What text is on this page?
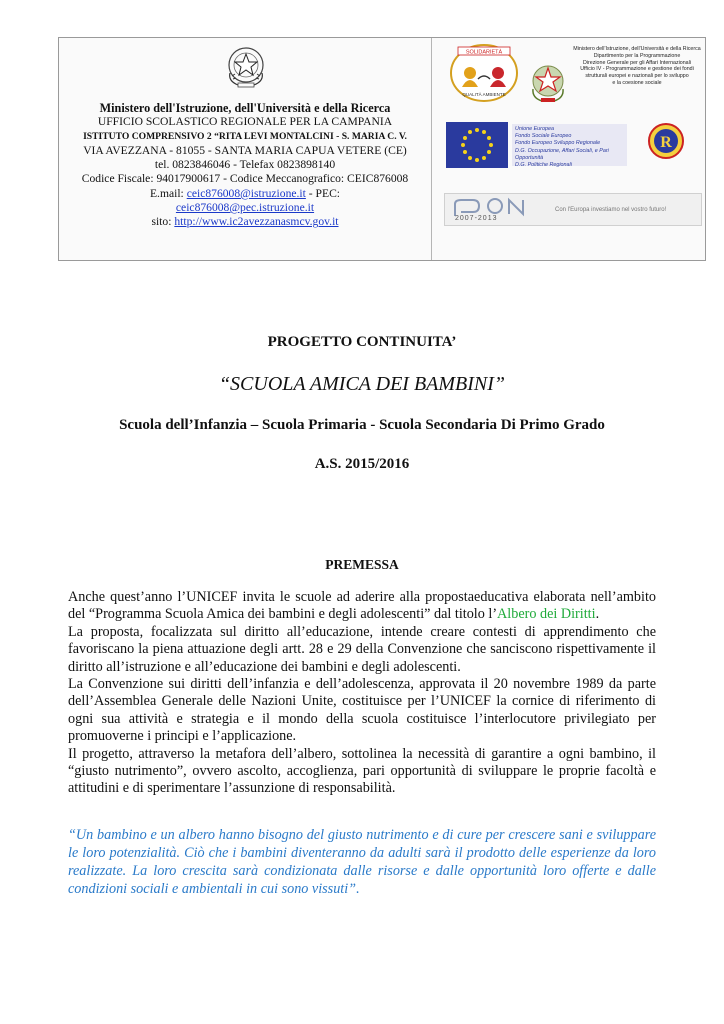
Ministero dell'Istruzione, dell'Università e della Ricerca
UFFICIO SCOLASTICO REGIONALE PER LA CAMPANIA
ISTITUTO COMPRENSIVO 2 “RITA LEVI MONTALCINI - S. MARIA C. V.
VIA AVEZZANA - 81055 - SANTA MARIA CAPUA VETERE (CE)
tel. 0823846046 - Telefax 0823898140
Codice Fiscale: 94017900617 - Codice Meccanografico: CEIC876008
E.mail: ceic876008@istruzione.it - PEC:
ceic876008@pec.istruzione.it
sito: http://www.ic2avezzanasmcv.gov.it
SOLIDARIETÀ
QUALITÀ AMBIENTE
Ministero dell'Istruzione, dell'Università e della Ricerca
Dipartimento per la Programmazione
Direzione Generale per gli Affari Internazionali
Ufficio IV - Programmazione e gestione dei fondi
strutturali europei e nazionali per lo sviluppo
e la coesione sociale
Unione Europea
Fondo Sociale Europeo
Fondo Europeo Sviluppo Regionale
D.G. Occupazione, Affari Sociali, e Pari Opportunità
D.G. Politiche Regionali
R
2007-2013
Con l'Europa investiamo nel vostro futuro!
PROGETTO CONTINUITA’
“SCUOLA AMICA DEI BAMBINI”
Scuola dell’Infanzia – Scuola Primaria - Scuola Secondaria Di Primo Grado
A.S. 2015/2016
PREMESSA

Anche quest’anno l’UNICEF invita le scuole ad aderire alla propostaeducativa elaborata nell’ambito del “Programma Scuola Amica dei bambini e degli adolescenti” dal titolo l’Albero dei Diritti.

La proposta, focalizzata sul diritto all’educazione, intende creare contesti di apprendimento che favoriscano la piena attuazione degli artt. 28 e 29 della Convenzione che sanciscono rispettivamente il diritto all’istruzione e all’educazione dei bambini e degli adolescenti.

La Convenzione sui diritti dell’infanzia e dell’adolescenza, approvata il 20 novembre 1989 da parte dell’Assemblea Generale delle Nazioni Unite, costituisce per l’UNICEF la cornice di riferimento di ogni sua attività e strategia e il mondo della scuola costituisce l’interlocutore privilegiato per promuoverne i principi e l’applicazione.

Il progetto, attraverso la metafora dell’albero, sottolinea la necessità di garantire a ogni bambino, il “giusto nutrimento”, ovvero ascolto, accoglienza, pari opportunità di sviluppare le proprie facoltà e attitudini e di sperimentare l’assunzione di responsabilità.

“Un bambino e un albero hanno bisogno del giusto nutrimento e di cure per crescere sani e sviluppare le loro potenzialità. Ciò che i bambini diventeranno da adulti sarà il prodotto delle esperienze da loro realizzate. La loro crescita sarà condizionata dalle risorse e dalle opportunità loro offerte e dalle condizioni sociali e ambientali in cui sono vissuti”.
